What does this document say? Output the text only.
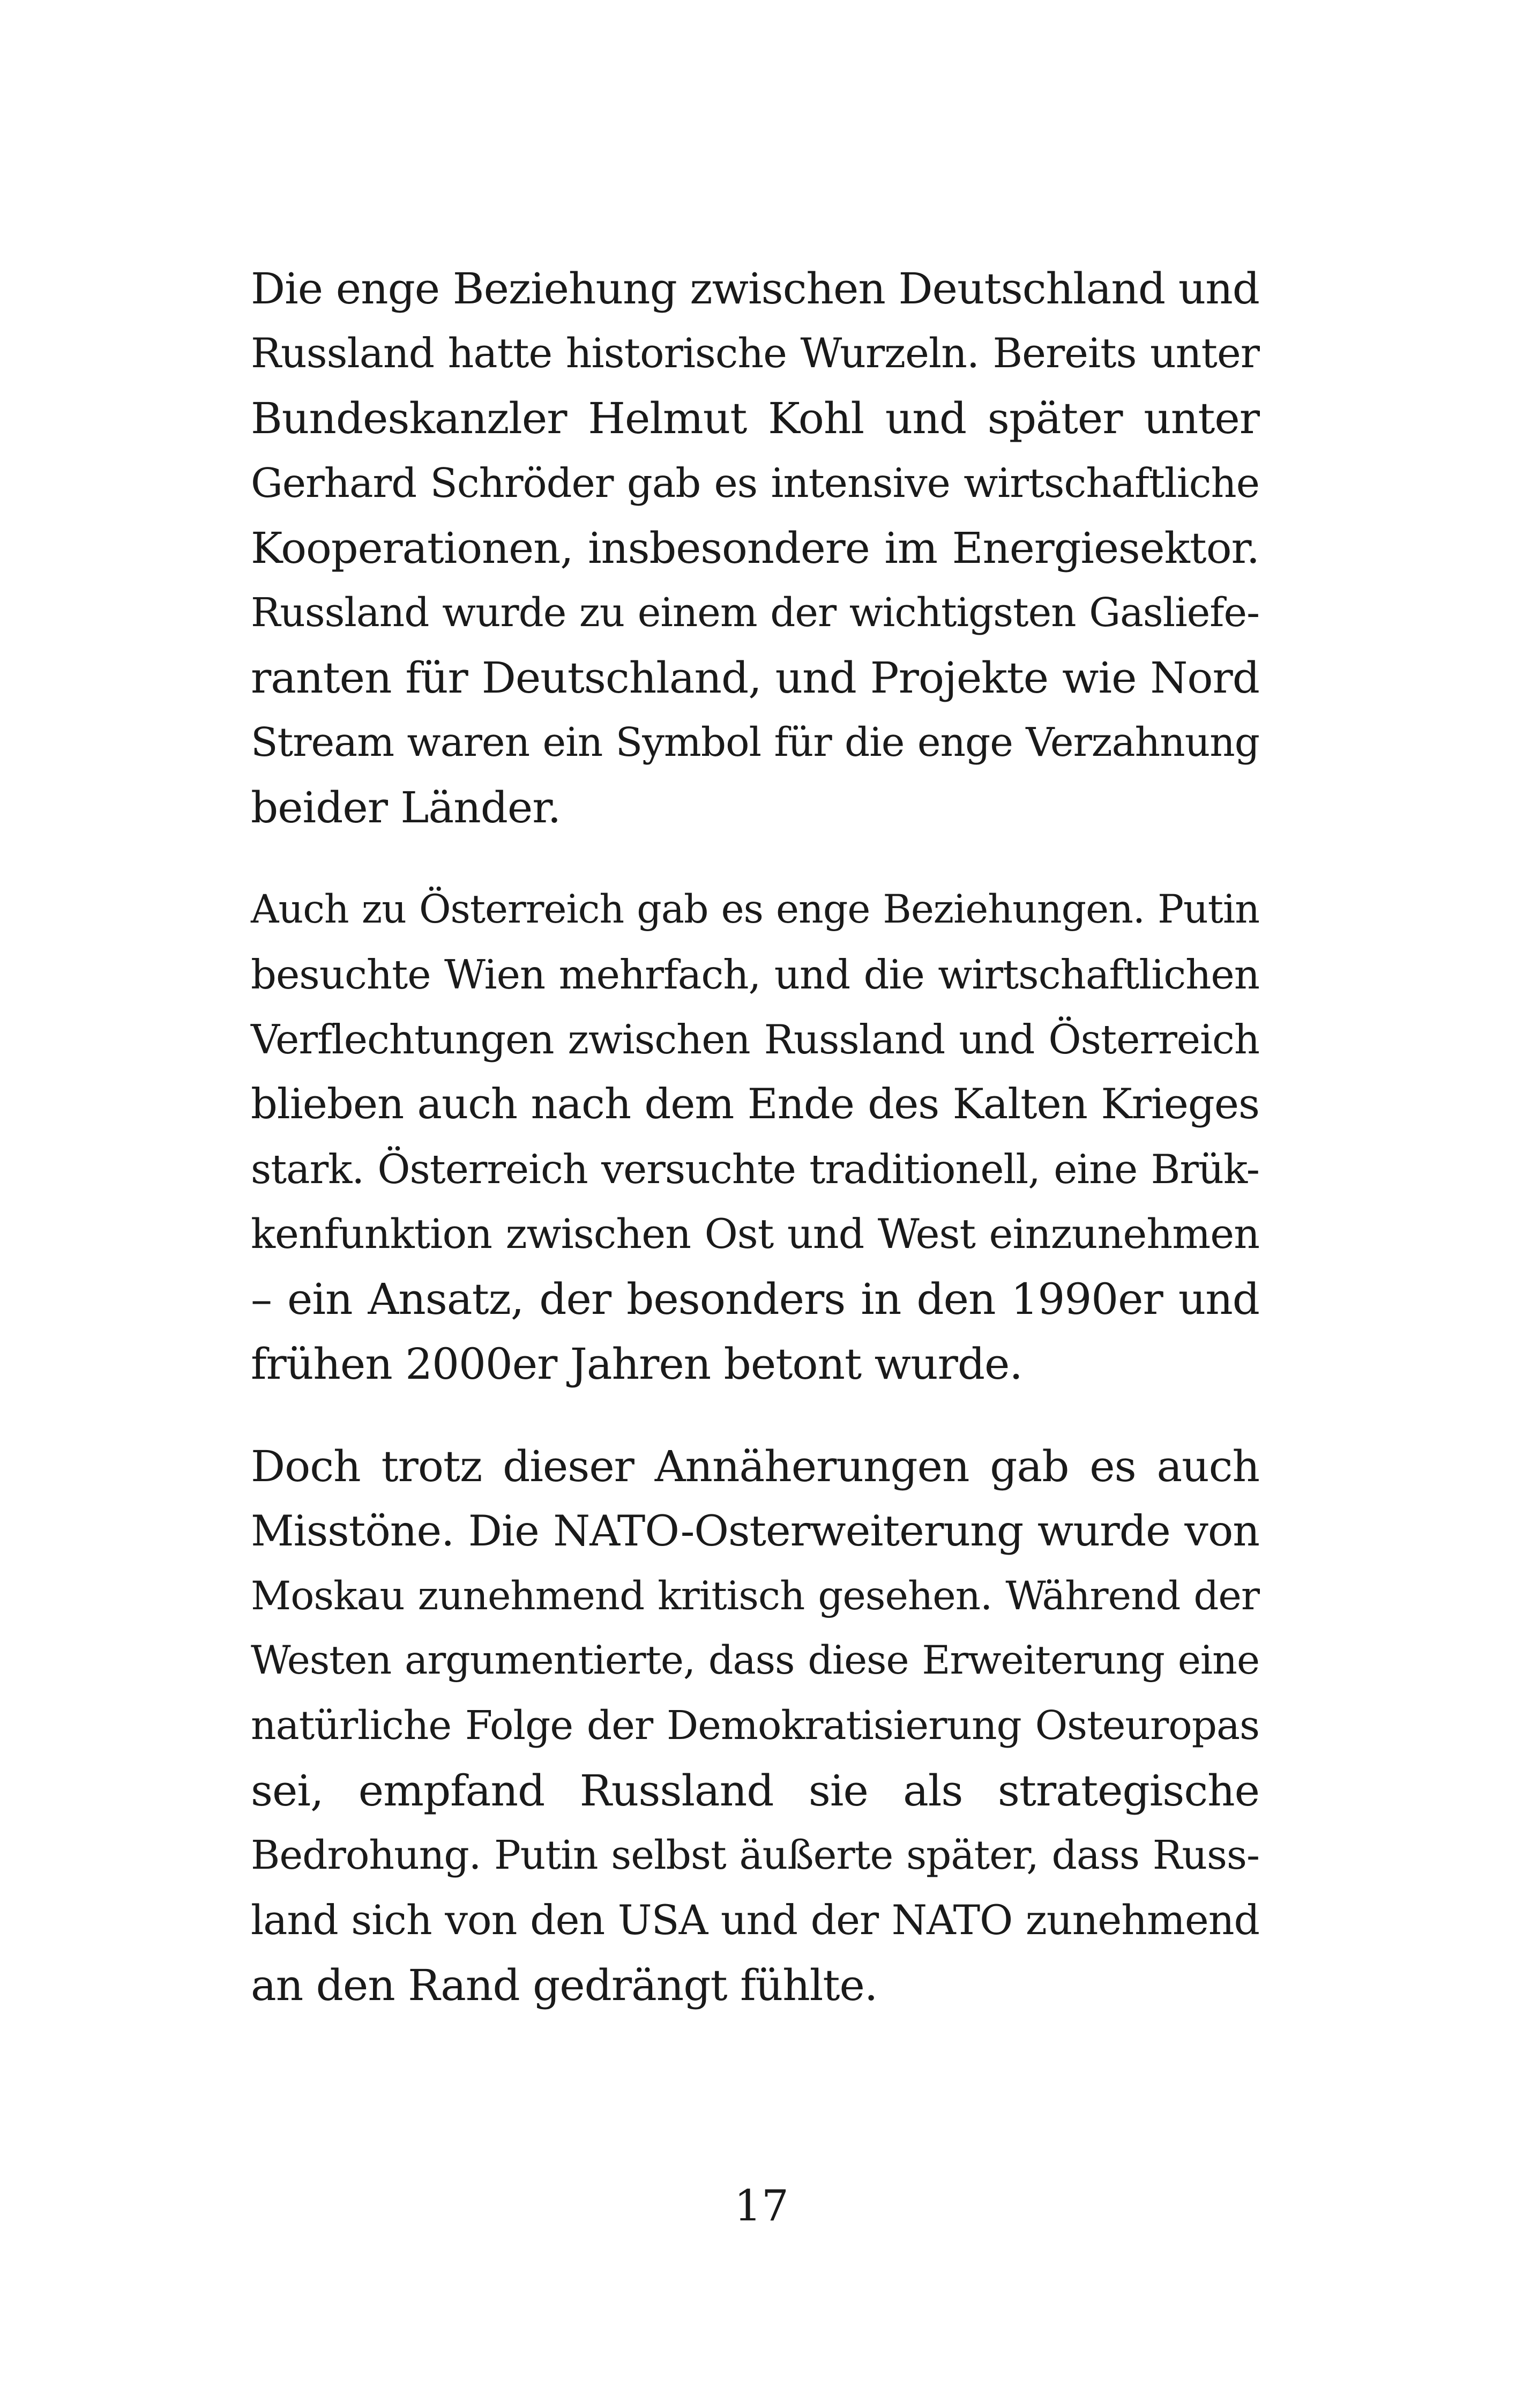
Die enge Beziehung zwischen Deutschland und
Russland hatte historische Wurzeln. Bereits unter
Bundeskanzler Helmut Kohl und später unter
Gerhard Schröder gab es intensive wirtschaftliche
Kooperationen, insbesondere im Energiesektor.
Russland wurde zu einem der wichtigsten Gasliefe-
ranten für Deutschland, und Projekte wie Nord
Stream waren ein Symbol für die enge Verzahnung
beider Länder.
Auch zu Österreich gab es enge Beziehungen. Putin
besuchte Wien mehrfach, und die wirtschaftlichen
Verflechtungen zwischen Russland und Österreich
blieben auch nach dem Ende des Kalten Krieges
stark. Österreich versuchte traditionell, eine Brük-
kenfunktion zwischen Ost und West einzunehmen
– ein Ansatz, der besonders in den 1990er und
frühen 2000er Jahren betont wurde.
Doch trotz dieser Annäherungen gab es auch
Misstöne. Die NATO-Osterweiterung wurde von
Moskau zunehmend kritisch gesehen. Während der
Westen argumentierte, dass diese Erweiterung eine
natürliche Folge der Demokratisierung Osteuropas
sei, empfand Russland sie als strategische
Bedrohung. Putin selbst äußerte später, dass Russ-
land sich von den USA und der NATO zunehmend
an den Rand gedrängt fühlte.
17
